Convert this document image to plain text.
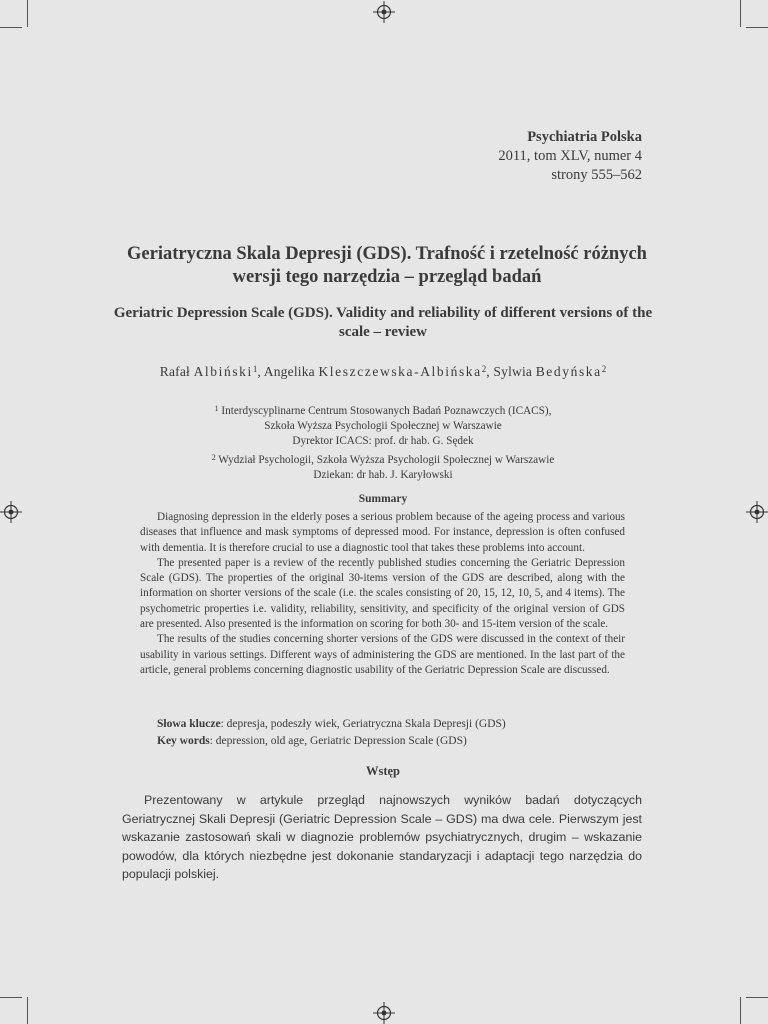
Psychiatria Polska
2011, tom XLV, numer 4
strony 555–562
Geriatryczna Skala Depresji (GDS). Trafność i rzetelność różnych wersji tego narzędzia – przegląd badań
Geriatric Depression Scale (GDS). Validity and reliability of different versions of the scale – review
Rafał Albiński$^1$, Angelika Kleszczewska-Albińska$^2$, Sylwia Bedyńska$^2$
$^1$ Interdyscyplinarne Centrum Stosowanych Badań Poznawczych (ICACS),
Szkoła Wyższa Psychologii Społecznej w Warszawie
Dyrektor ICACS: prof. dr hab. G. Sędek
$^2$ Wydział Psychologii, Szkoła Wyższa Psychologii Społecznej w Warszawie
Dziekan: dr hab. J. Karyłowski
Summary

Diagnosing depression in the elderly poses a serious problem because of the ageing process and various diseases that influence and mask symptoms of depressed mood. For instance, depression is often confused with dementia. It is therefore crucial to use a diagnostic tool that takes these problems into account.

The presented paper is a review of the recently published studies concerning the Geriatric Depression Scale (GDS). The properties of the original 30-items version of the GDS are described, along with the information on shorter versions of the scale (i.e. the scales consisting of 20, 15, 12, 10, 5, and 4 items). The psychometric properties i.e. validity, reliability, sensitivity, and specificity of the original version of GDS are presented. Also presented is the information on scoring for both 30- and 15-item version of the scale.

The results of the studies concerning shorter versions of the GDS were discussed in the context of their usability in various settings. Different ways of administering the GDS are mentioned. In the last part of the article, general problems concerning diagnostic usability of the Geriatric Depression Scale are discussed.

Słowa klucze: depresja, podeszły wiek, Geriatryczna Skala Depresji (GDS)
Key words: depression, old age, Geriatric Depression Scale (GDS)
Wstęp

Prezentowany w artykule przegląd najnowszych wyników badań dotyczących Geriatrycznej Skali Depresji (Geriatric Depression Scale – GDS) ma dwa cele. Pierwszym jest wskazanie zastosowań skali w diagnozie problemów psychiatrycznych, drugim – wskazanie powodów, dla których niezbędne jest dokonanie standaryzacji i adaptacji tego narzędzia do populacji polskiej.
